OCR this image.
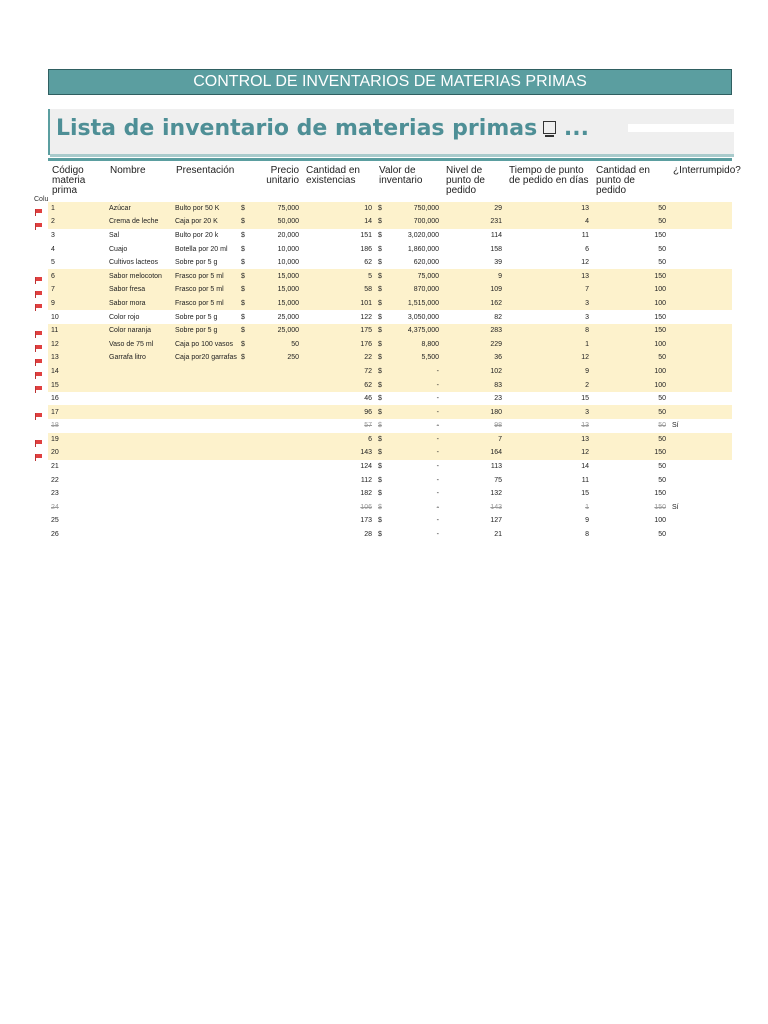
CONTROL DE INVENTARIOS DE MATERIAS PRIMAS
Lista de inventario de materias primas ...
Colu
Código materia prima	Nombre	Presentación	Precio unitario		Cantidad en existencias	Valor de inventario		Nivel de punto de pedido	Tiempo de punto de pedido en días	Cantidad en punto de pedido	¿Interrumpido?
1	Azúcar	Bulto por 50 K	$	75,000	10	$	750,000	29	13	50	
2	Crema de leche	Caja por 20 K	$	50,000	14	$	700,000	231	4	50	
3	Sal	Bulto por 20 k	$	20,000	151	$	3,020,000	114	11	150	
4	Cuajo	Botella por 20 ml	$	10,000	186	$	1,860,000	158	6	50	
5	Cultivos lacteos	Sobre por 5 g	$	10,000	62	$	620,000	39	12	50	
6	Sabor melocoton	Frasco por 5 ml	$	15,000	5	$	75,000	9	13	150	
7	Sabor fresa	Frasco por 5 ml	$	15,000	58	$	870,000	109	7	100	
9	Sabor mora	Frasco por 5 ml	$	15,000	101	$	1,515,000	162	3	100	
10	Color rojo	Sobre por 5 g	$	25,000	122	$	3,050,000	82	3	150	
11	Color naranja	Sobre por 5 g	$	25,000	175	$	4,375,000	283	8	150	
12	Vaso de 75 ml	Caja po 100 vasos	$	50	176	$	8,800	229	1	100	
13	Garrafa litro	Caja por20 garrafas	$	250	22	$	5,500	36	12	50	
14					72	$	-	102	9	100	
15					62	$	-	83	2	100	
16					46	$	-	23	15	50	
17					96	$	-	180	3	50	
18					57	$	-	98	13	50	Sí
19					6	$	-	7	13	50	
20					143	$	-	164	12	150	
21					124	$	-	113	14	50	
22					112	$	-	75	11	50	
23					182	$	-	132	15	150	
24					106	$	-	143	1	150	Sí
25					173	$	-	127	9	100	
26					28	$	-	21	8	50	
